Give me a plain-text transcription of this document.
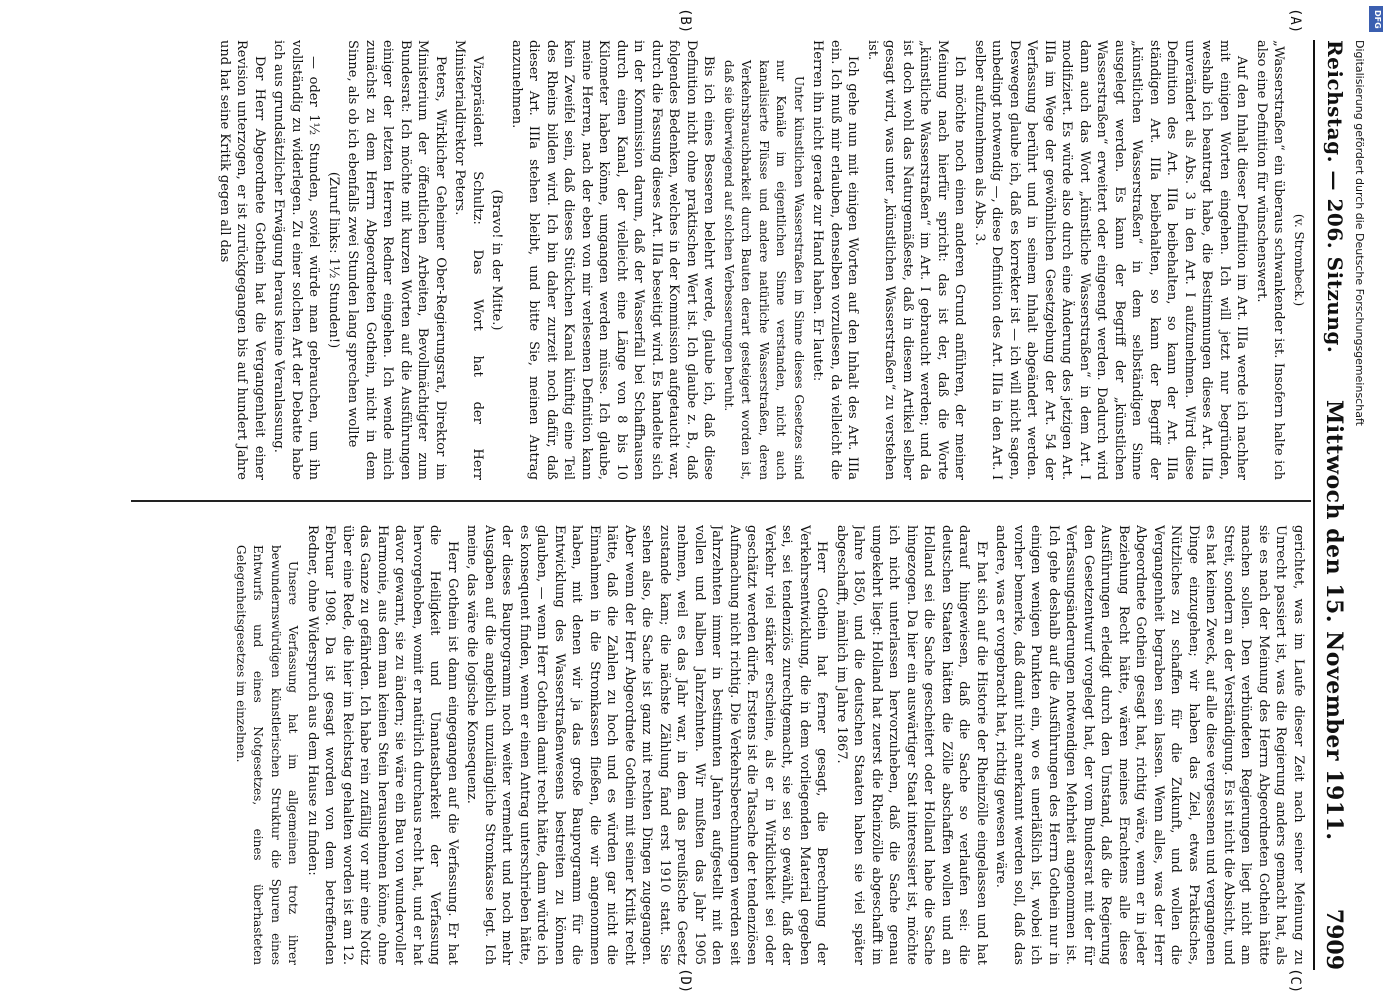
Reichstag. — 206. Sitzung.
Mittwoch den 15. November 1911.
7909
(A)
(B)
(C)
(D)

(v. Strombeck.)

„Wasserstraßen“ ein überaus schwankender ist. Insofern halte ich also eine Definition für wünschenswert.

Auf den Inhalt dieser Definition im Art. IIIa werde ich nachher mit einigen Worten eingehen. Ich will jetzt nur begründen, weshalb ich beantragt habe, die Bestimmungen dieses Art. IIIa unverändert als Abs. 3 in den Art. I aufzunehmen. Wird diese Definition des Art. IIIa beibehalten, so kann der Art. IIIa ständigen Art. IIIa beibehalten, so kann der Begriff der „künstlichen Wasserstraßen“ in dem selbständigen Sinne ausgelegt werden. Es kann der Begriff der „künstlichen Wasserstraßen“ erweitert oder eingeengt werden. Dadurch wird dann auch das Wort „künstliche Wasserstraßen“ in dem Art. I modifiziert. Es würde also durch eine Änderung des jetzigen Art. IIIa im Wege der gewöhnlichen Gesetzgebung der Art. 54 der Verfassung berührt und in seinem Inhalt abgeändert werden. Deswegen glaube ich, daß es korrekter ist — ich will nicht sagen, unbedingt notwendig —, diese Definition des Art. IIIa in den Art. I selber aufzunehmen als Abs. 3.

Ich möchte noch einen anderen Grund anführen, der meiner Meinung nach hierfür spricht: das ist der, daß die Worte „künstliche Wasserstraßen“ im Art. I gebraucht werden; und da ist doch wohl das Naturgemäßeste, daß in diesem Artikel selber gesagt wird, was unter „künstlichen Wasserstraßen“ zu verstehen ist.

Ich gehe nun mit einigen Worten auf den Inhalt des Art. IIIa ein. Ich muß mir erlauben, denselben vorzulesen, da vielleicht die Herren ihn nicht gerade zur Hand haben. Er lautet:

Unter künstlichen Wasserstraßen im Sinne dieses Gesetzes sind nur Kanäle im eigentlichen Sinne verstanden, nicht auch kanalisierte Flüsse und andere natürliche Wasserstraßen, deren Verkehrsbrauchbarkeit durch Bauten derart gesteigert worden ist, daß sie überwiegend auf solchen Verbesserungen beruht.

Bis ich eines Besseren belehrt werde, glaube ich, daß diese Definition nicht ohne praktischen Wert ist. Ich glaube z. B., daß folgendes Bedenken, welches in der Kommission aufgetaucht war, durch die Fassung dieses Art. IIIa beseitigt wird. Es handelte sich in der Kommission darum, daß der Wasserfall bei Schaffhausen durch einen Kanal, der vielleicht eine Länge von 8 bis 10 Kilometer haben könne, umgangen werden müsse. Ich glaube, meine Herren, nach der eben von mir verlesenen Definition kann kein Zweifel sein, daß dieses Stückchen Kanal künftig eine Teil des Rheins bilden wird. Ich bin daher zurzeit noch dafür, daß dieser Art. IIIa stehen bleibt, und bitte Sie, meinen Antrag anzunehmen.

(Bravo! in der Mitte.)

Vizepräsident Schultz: Das Wort hat der Herr Ministerialdirektor Peters.

Peters, Wirklicher Geheimer Ober-Regierungsrat, Direktor im Ministerium der öffentlichen Arbeiten, Bevollmächtigter zum Bundesrat: Ich möchte mit kurzen Worten auf die Ausführungen einiger der letzten Herren Redner eingehen. Ich wende mich zunächst zu dem Herrn Abgeordneten Gothein, nicht in dem Sinne, als ob ich ebenfalls zwei Stunden lang sprechen wollte

(Zuruf links: 1½ Stunden!)

— oder 1½ Stunden, soviel würde man gebrauchen, um ihn vollständig zu widerlegen. Zu einer solchen Art der Debatte habe ich aus grundsätzlicher Erwägung heraus keine Veranlassung.

Der Herr Abgeordnete Gothein hat die Vergangenheit einer Revision unterzogen, er ist zurückgegangen bis auf hundert Jahre und hat seine Kritik gegen all das

gerichtet, was im Laufe dieser Zeit nach seiner Meinung zu Unrecht passiert ist, was die Regierung anders gemacht hat, als sie es nach der Meinung des Herrn Abgeordneten Gothein hätte machen sollen. Den verbündeten Regierungen liegt nicht am Streit, sondern an der Verständigung. Es ist nicht die Absicht, und es hat keinen Zweck, auf alle diese vergessenen und vergangenen Dinge einzugehen; wir haben das Ziel, etwas Praktisches, Nützliches zu schaffen für die Zukunft, und wollen die Vergangenheit begraben sein lassen. Wenn alles, was der Herr Abgeordnete Gothein gesagt hat, richtig wäre, wenn er in jeder Beziehung Recht hätte, wären meines Erachtens alle diese Ausführungen erledigt durch den Umstand, daß die Regierung den Gesetzentwurf vorgelegt hat, der vom Bundesrat mit der für Verfassungsänderungen notwendigen Mehrheit angenommen ist. Ich gehe deshalb auf die Ausführungen des Herrn Gothein nur in einigen wenigen Punkten ein, wo es unerläßlich ist, wobei ich vorher bemerke, daß damit nicht anerkannt werden soll, daß das andere, was er vorgebracht hat, richtig gewesen wäre.

Er hat sich auf die Historie der Rheinzölle eingelassen und hat darauf hingewiesen, daß die Sache so verlaufen sei: die deutschen Staaten hätten die Zölle abschaffen wollen und an Holland sei die Sache gescheitert oder Holland habe die Sache hingezogen. Da hier ein auswärtiger Staat interessiert ist, möchte ich nicht unterlassen hervorzuheben, daß die Sache genau umgekehrt liegt: Holland hat zuerst die Rheinzölle abgeschafft im Jahre 1850, und die deutschen Staaten haben sie viel später abgeschafft, nämlich im Jahre 1867.

Herr Gothein hat ferner gesagt, die Berechnung der Verkehrsentwicklung, die in dem vorliegenden Material gegeben sei, sei tendenziös zurechtgemacht, sie sei so gewählt, daß der Verkehr viel stärker erscheine, als er in Wirklichkeit sei oder geschätzt werden dürfe. Erstens ist die Tatsache der tendenziösen Aufmachung nicht richtig. Die Verkehrsberechnungen werden seit Jahrzehnten immer in bestimmten Jahren aufgestellt mit den vollen und halben Jahrzehnten. Wir mußten das Jahr 1905 nehmen, weil es das Jahr war, in dem das preußische Gesetz zustande kam; die nächste Zählung fand erst 1910 statt. Sie sehen also, die Sache ist ganz mit rechten Dingen zugegangen. Aber wenn der Herr Abgeordnete Gothein mit seiner Kritik recht hätte, daß die Zahlen zu hoch und es würden gar nicht die Einnahmen in die Stromkassen fließen, die wir angenommen haben, mit denen wir ja das große Bauprogramm für die Entwicklung des Wasserstraßenwesens bestreiten zu können glauben, — wenn Herr Gothein damit recht hätte, dann würde ich es konsequent finden, wenn er einen Antrag unterschrieben hätte, der dieses Bauprogramm noch weiter vermehrt und noch mehr Ausgaben auf die angeblich unzulängliche Stromkasse legt. Ich meine, das wäre die logische Konsequenz.

Herr Gothein ist dann eingegangen auf die Verfassung. Er hat die Heiligkeit und Unantastbarkeit der Verfassung hervorgehoben, womit er natürlich durchaus recht hat, und er hat davor gewarnt, sie zu ändern; sie wäre ein Bau von wundervoller Harmonie, aus dem man keinen Stein herausnehmen könne, ohne das Ganze zu gefährden. Ich habe rein zufällig vor mir eine Notiz über eine Rede, die hier im Reichstag gehalten worden ist am 12. Februar 1908. Da ist gesagt worden von dem betreffenden Redner, ohne Widerspruch aus dem Hause zu finden:

Unsere Verfassung hat im allgemeinen trotz ihrer bewundernswürdigen künstlerischen Struktur die Spuren eines Entwurfs und eines Notgesetzes, eines überhasteten Gelegenheitsgesetzes im einzelnen.

Digitalisierung gefördert durch die Deutsche Forschungsgemeinschaft
DFG
